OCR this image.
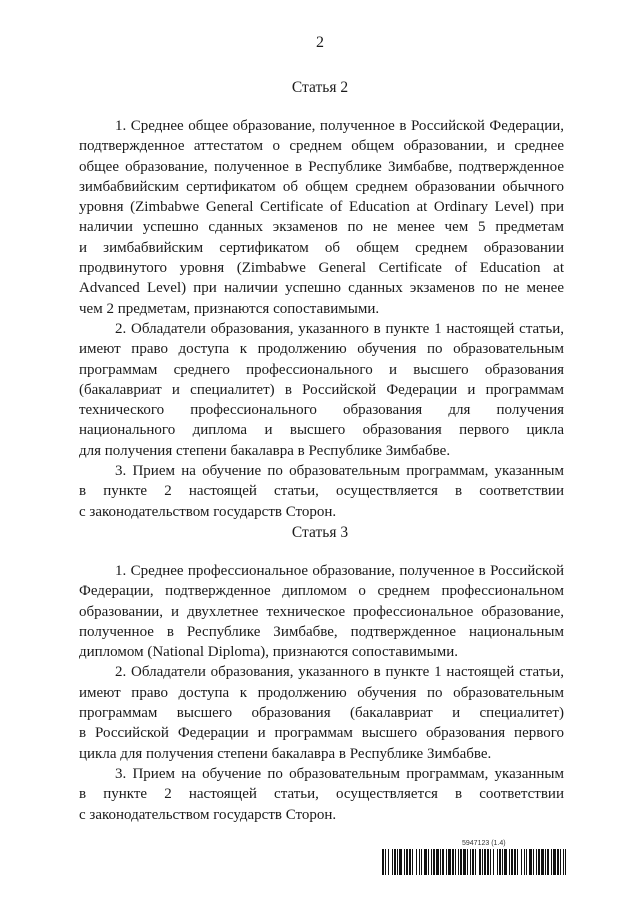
2
Статья 2
1. Среднее общее образование, полученное в Российской Федерации,
подтвержденное аттестатом о среднем общем образовании, и среднее
общее образование, полученное в Республике Зимбабве, подтвержденное
зимбабвийским сертификатом об общем среднем образовании обычного
уровня (Zimbabwe General Certificate of Education at Ordinary Level) при
наличии успешно сданных экзаменов по не менее чем 5 предметам
и зимбабвийским сертификатом об общем среднем образовании
продвинутого уровня (Zimbabwe General Certificate of Education at
Advanced Level) при наличии успешно сданных экзаменов по не менее
чем 2 предметам, признаются сопоставимыми.
2. Обладатели образования, указанного в пункте 1 настоящей статьи,
имеют право доступа к продолжению обучения по образовательным
программам среднего профессионального и высшего образования
(бакалавриат и специалитет) в Российской Федерации и программам
технического профессионального образования для получения
национального диплома и высшего образования первого цикла
для получения степени бакалавра в Республике Зимбабве.
3. Прием на обучение по образовательным программам, указанным
в пункте 2 настоящей статьи, осуществляется в соответствии
с законодательством государств Сторон.
Статья 3
1. Среднее профессиональное образование, полученное в Российской
Федерации, подтвержденное дипломом о среднем профессиональном
образовании, и двухлетнее техническое профессиональное образование,
полученное в Республике Зимбабве, подтвержденное национальным
дипломом (National Diploma), признаются сопоставимыми.
2. Обладатели образования, указанного в пункте 1 настоящей статьи,
имеют право доступа к продолжению обучения по образовательным
программам высшего образования (бакалавриат и специалитет)
в Российской Федерации и программам высшего образования первого
цикла для получения степени бакалавра в Республике Зимбабве.
3. Прием на обучение по образовательным программам, указанным
в пункте 2 настоящей статьи, осуществляется в соответствии
с законодательством государств Сторон.
5947123 (1.4)
